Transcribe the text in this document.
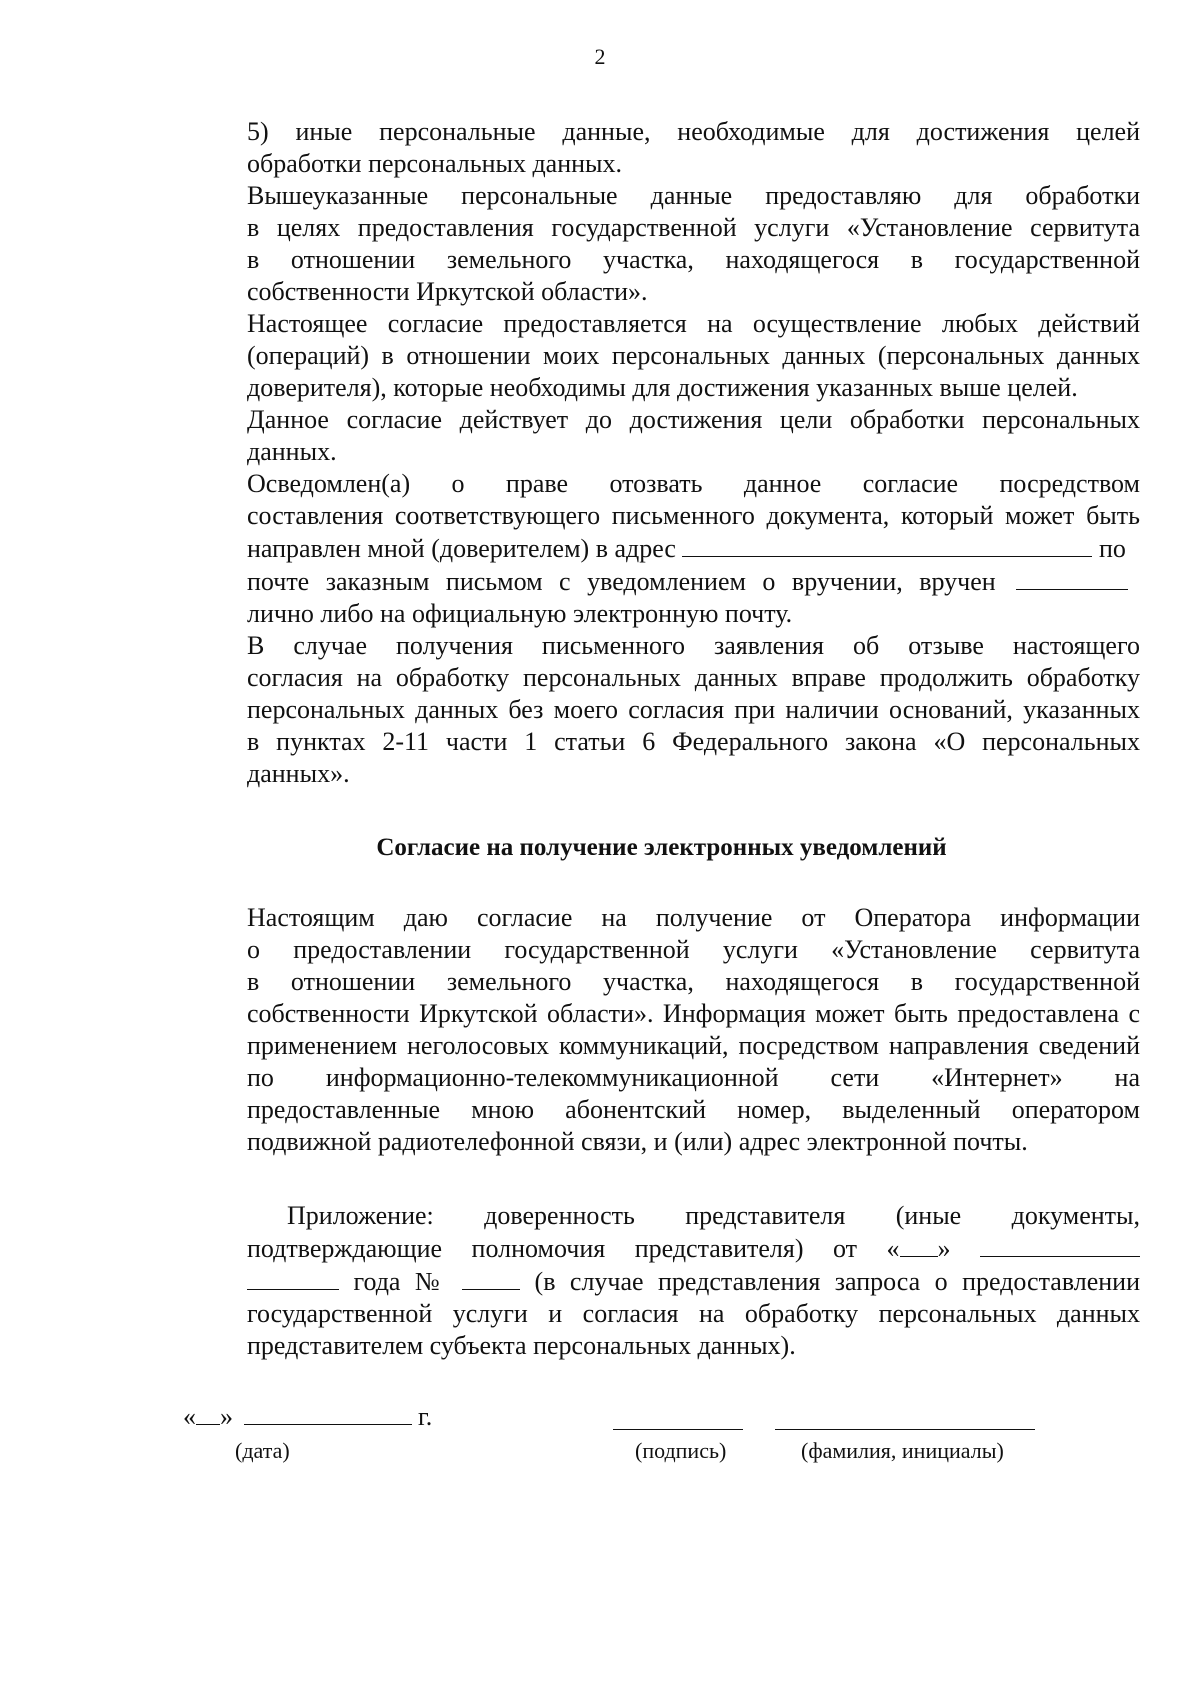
2
5) иные персональные данные, необходимые для достижения целей
обработки персональных данных.
Вышеуказанные персональные данные предоставляю для обработки
в целях предоставления государственной услуги «Установление сервитута
в отношении земельного участка, находящегося в государственной
собственности Иркутской области».
Настоящее согласие предоставляется на осуществление любых действий
(операций) в отношении моих персональных данных (персональных данных
доверителя), которые необходимы для достижения указанных выше целей.
Данное согласие действует до достижения цели обработки персональных
данных.
Осведомлен(а) о праве отозвать данное согласие посредством
составления соответствующего письменного документа, который может быть
направлен мной (доверителем) в адрес	по
почте заказным письмом с уведомлением о вручении, вручен
лично либо на официальную электронную почту.
В случае получения письменного заявления об отзыве настоящего
согласия на обработку персональных данных вправе продолжить обработку
персональных данных без моего согласия при наличии оснований, указанных
в пунктах 2-11 части 1 статьи 6 Федерального закона «О персональных
данных».
Согласие на получение электронных уведомлений
Настоящим даю согласие на получение от Оператора информации
о предоставлении государственной услуги «Установление сервитута
в отношении земельного участка, находящегося в государственной
собственности Иркутской области». Информация может быть предоставлена с
применением неголосовых коммуникаций, посредством направления сведений
по информационно-телекоммуникационной сети «Интернет» на
предоставленные мною абонентский номер, выделенный оператором
подвижной радиотелефонной связи, и (или) адрес электронной почты.
Приложение: доверенность представителя (иные документы,
подтверждающие полномочия представителя) от « »
года №	(в случае представления запроса о предоставлении
государственной услуги и согласия на обработку персональных данных
представителем субъекта персональных данных).
« »	г.
(дата)	(подпись)	(фамилия, инициалы)
